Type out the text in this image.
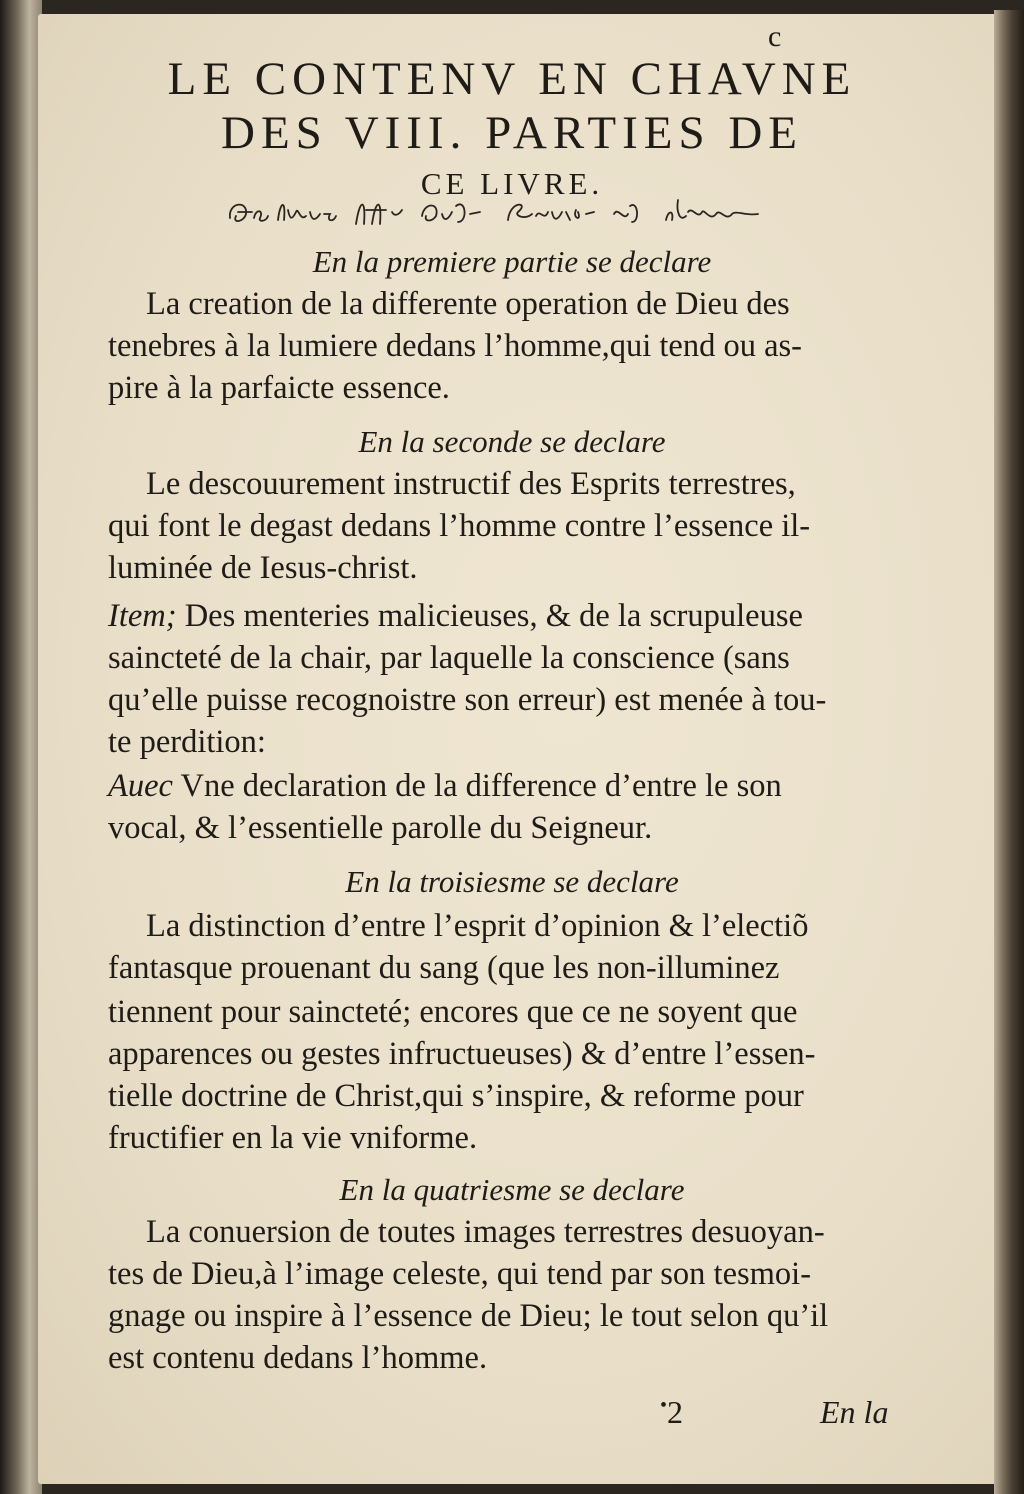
LE CONTENV EN CHAVNE
c
DES VIII. PARTIES DE
CE LIVRE.
En la premiere partie se declare
La creation de la differente operation de Dieu des
tenebres à la lumiere dedans l’homme,qui tend ou as-
pire à la parfaicte essence.
En la seconde se declare
Le descouurement instructif des Esprits terrestres,
qui font le degast dedans l’homme contre l’essence il-
luminée de Iesus-christ.
Item; Des menteries malicieuses, & de la scrupuleuse
saincteté de la chair, par laquelle la conscience (sans
qu’elle puisse recognoistre son erreur) est menée à tou-
te perdition:
Auec Vne declaration de la difference d’entre le son
vocal, & l’essentielle parolle du Seigneur.
En la troisiesme se declare
La distinction d’entre l’esprit d’opinion & l’electiõ
fantasque prouenant du sang (que les non-illuminez
tiennent pour saincteté; encores que ce ne soyent que
apparences ou gestes infructueuses) & d’entre l’essen-
tielle doctrine de Christ,qui s’inspire, & reforme pour
fructifier en la vie vniforme.
En la quatriesme se declare
La conuersion de toutes images terrestres desuoyan-
tes de Dieu,à l’image celeste, qui tend par son tesmoi-
gnage ou inspire à l’essence de Dieu; le tout selon qu’il
est contenu dedans l’homme.
•2	En la
